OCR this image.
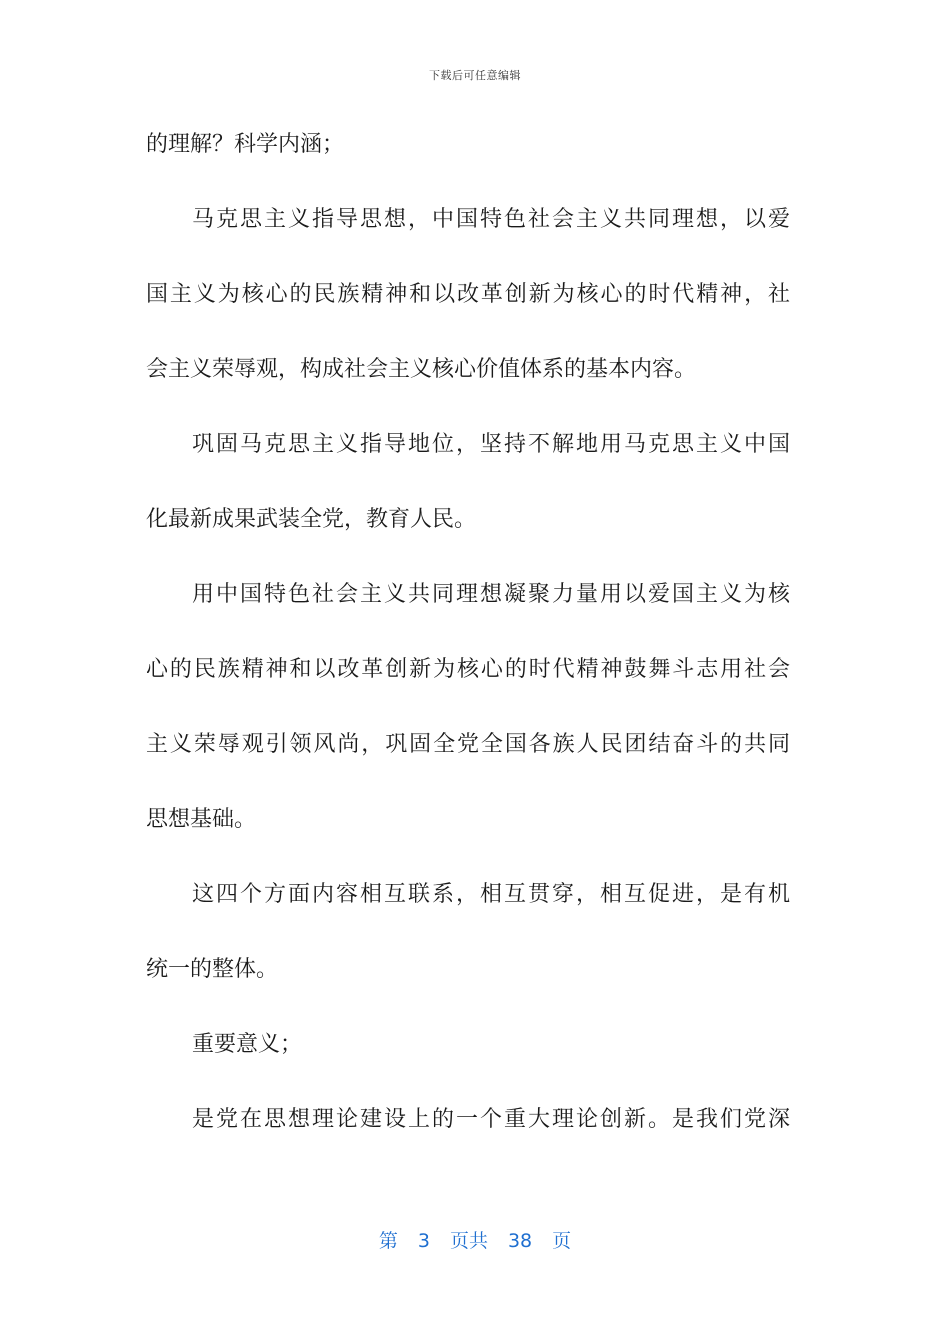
下载后可任意编辑
的理解？科学内涵；
马克思主义指导思想，中国特色社会主义共同理想，以爱
国主义为核心的民族精神和以改革创新为核心的时代精神，社
会主义荣辱观，构成社会主义核心价值体系的基本内容。
巩固马克思主义指导地位，坚持不解地用马克思主义中国
化最新成果武装全党，教育人民。
用中国特色社会主义共同理想凝聚力量用以爱国主义为核
心的民族精神和以改革创新为核心的时代精神鼓舞斗志用社会
主义荣辱观引领风尚，巩固全党全国各族人民团结奋斗的共同
思想基础。
这四个方面内容相互联系，相互贯穿，相互促进，是有机
统一的整体。
重要意义；
是党在思想理论建设上的一个重大理论创新。是我们党深
第 3 页共 38 页
